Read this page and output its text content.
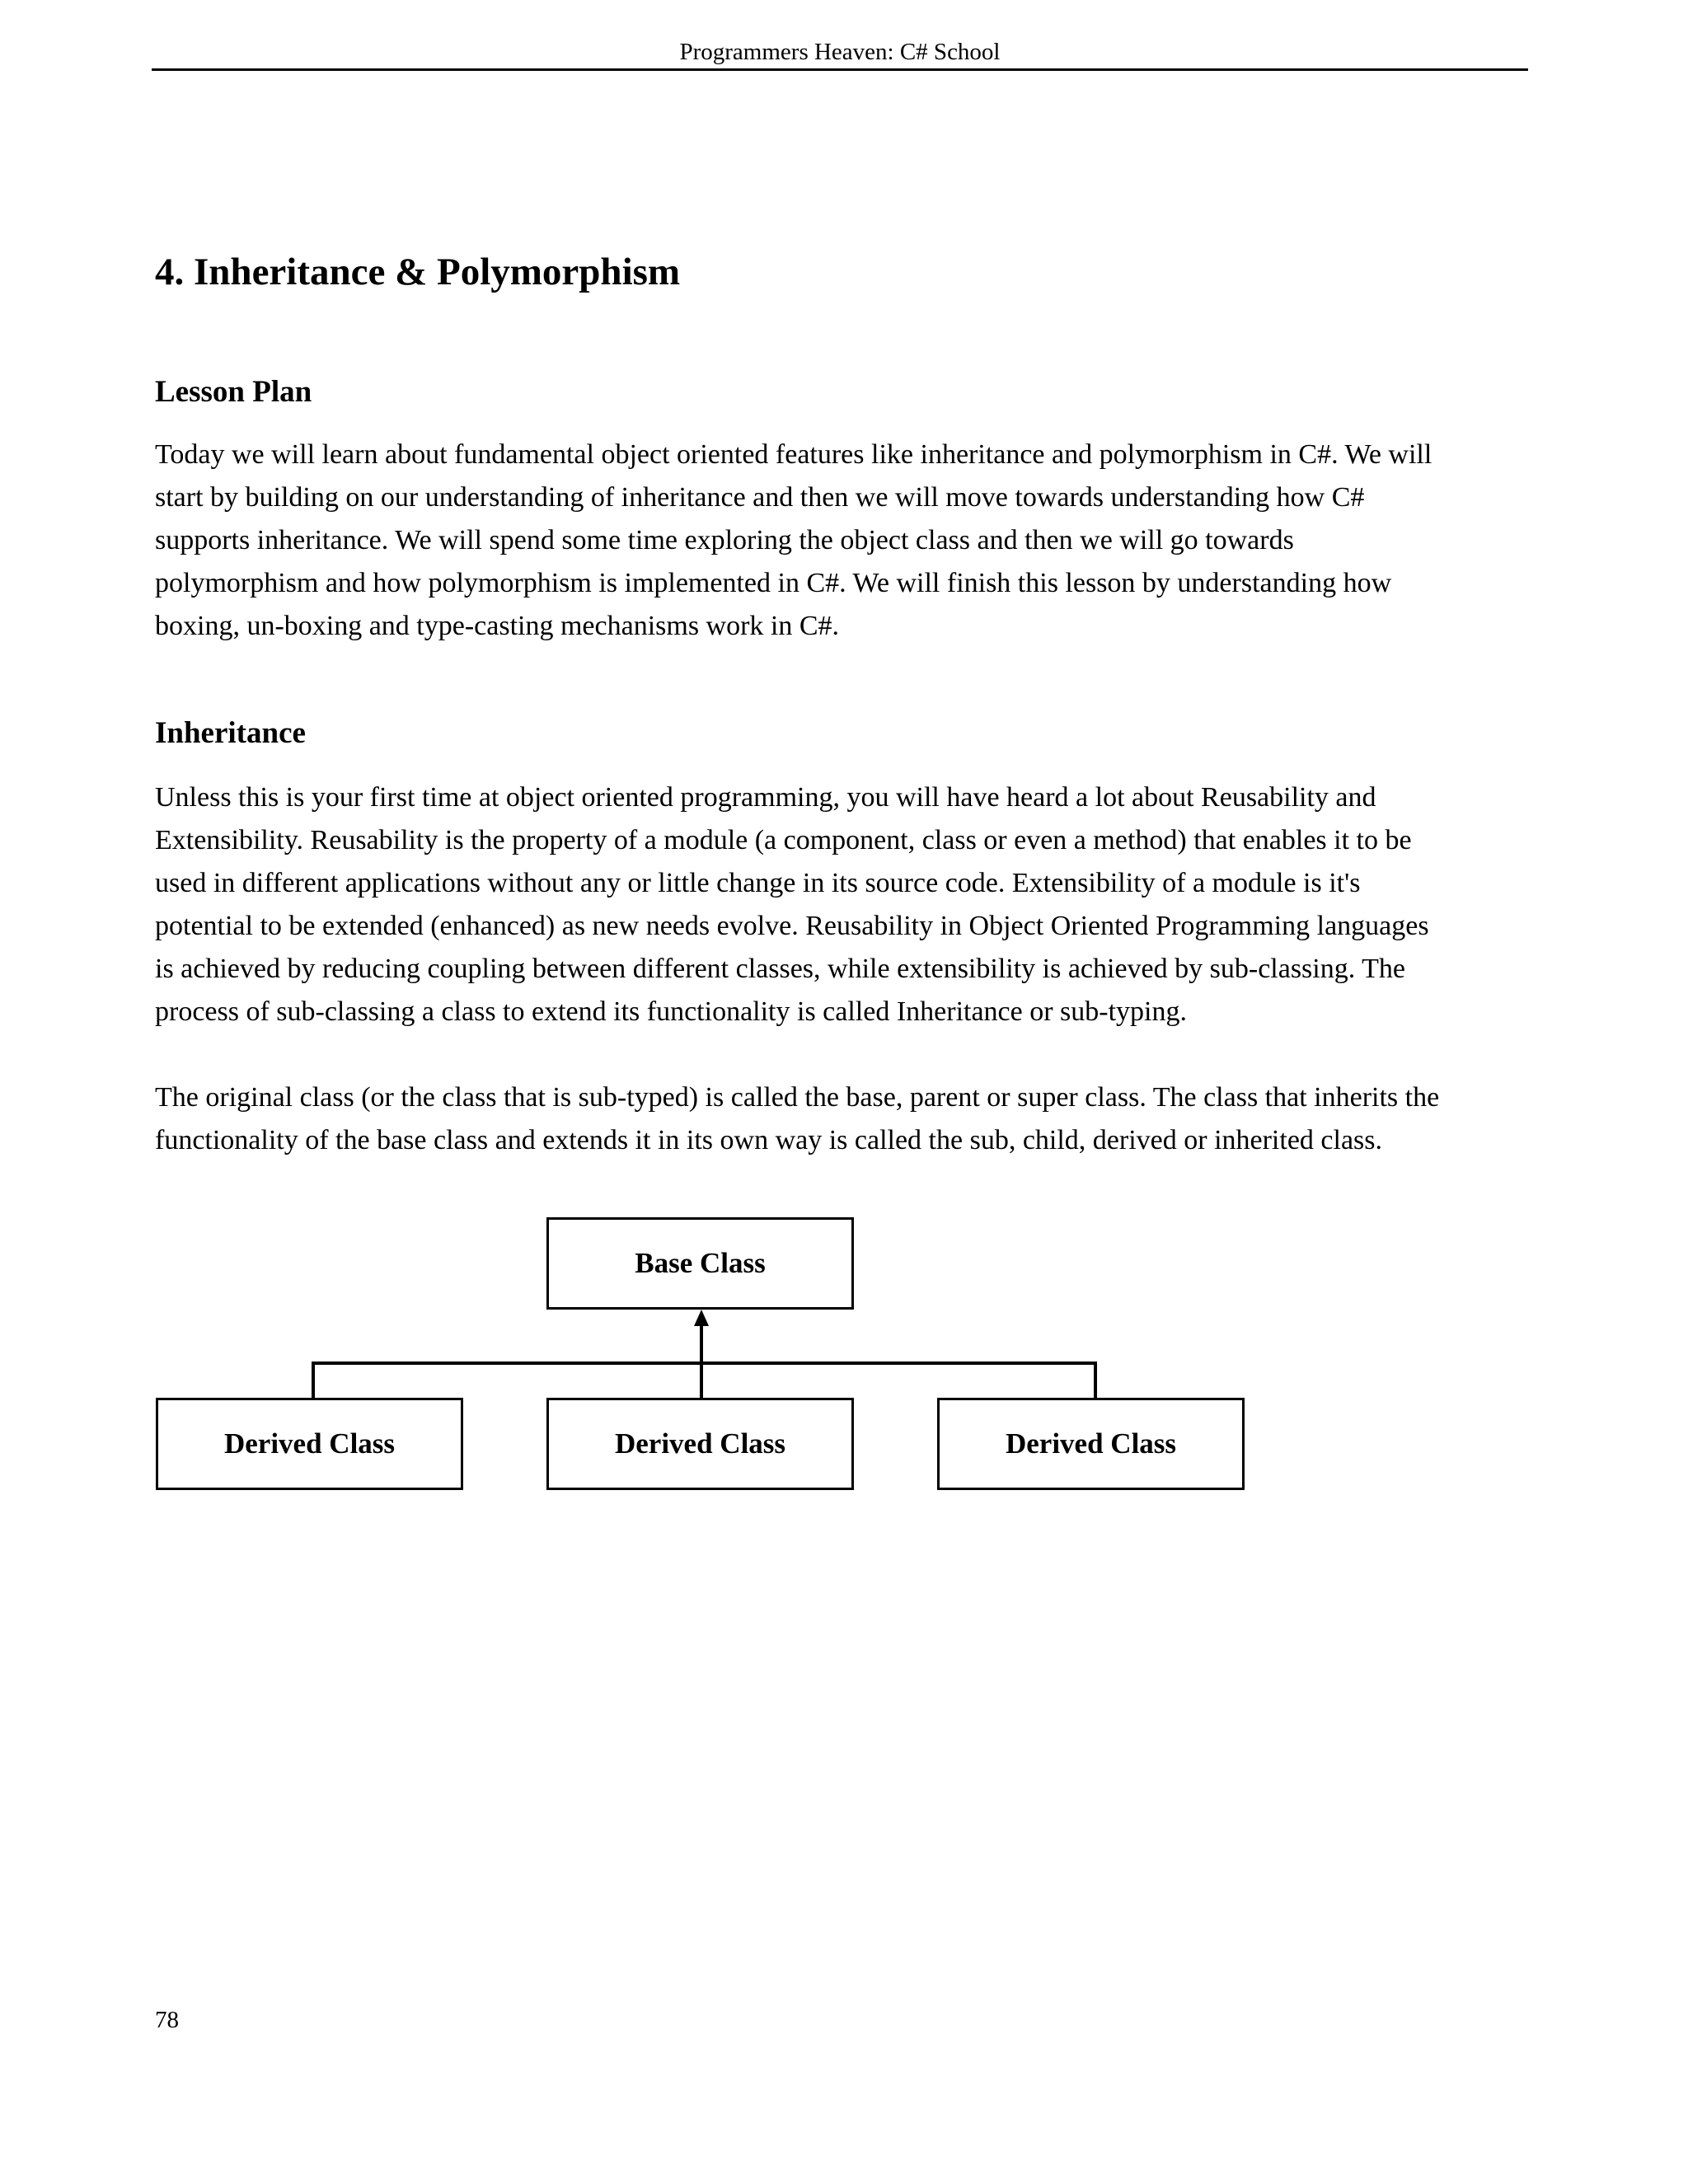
Programmers Heaven: C# School
4. Inheritance & Polymorphism
Lesson Plan
Today we will learn about fundamental object oriented features like inheritance and polymorphism in C#. We will
start by building on our understanding of inheritance and then we will move towards understanding how C#
supports inheritance. We will spend some time exploring the object class and then we will go towards
polymorphism and how polymorphism is implemented in C#. We will finish this lesson by understanding how
boxing, un-boxing and type-casting mechanisms work in C#.
Inheritance
Unless this is your first time at object oriented programming, you will have heard a lot about Reusability and
Extensibility. Reusability is the property of a module (a component, class or even a method) that enables it to be
used in different applications without any or little change in its source code. Extensibility of a module is it's
potential to be extended (enhanced) as new needs evolve. Reusability in Object Oriented Programming languages
is achieved by reducing coupling between different classes, while extensibility is achieved by sub-classing. The
process of sub-classing a class to extend its functionality is called Inheritance or sub-typing.
The original class (or the class that is sub-typed) is called the base, parent or super class. The class that inherits the
functionality of the base class and extends it in its own way is called the sub, child, derived or inherited class.
Base Class
Derived Class	Derived Class	Derived Class
78
